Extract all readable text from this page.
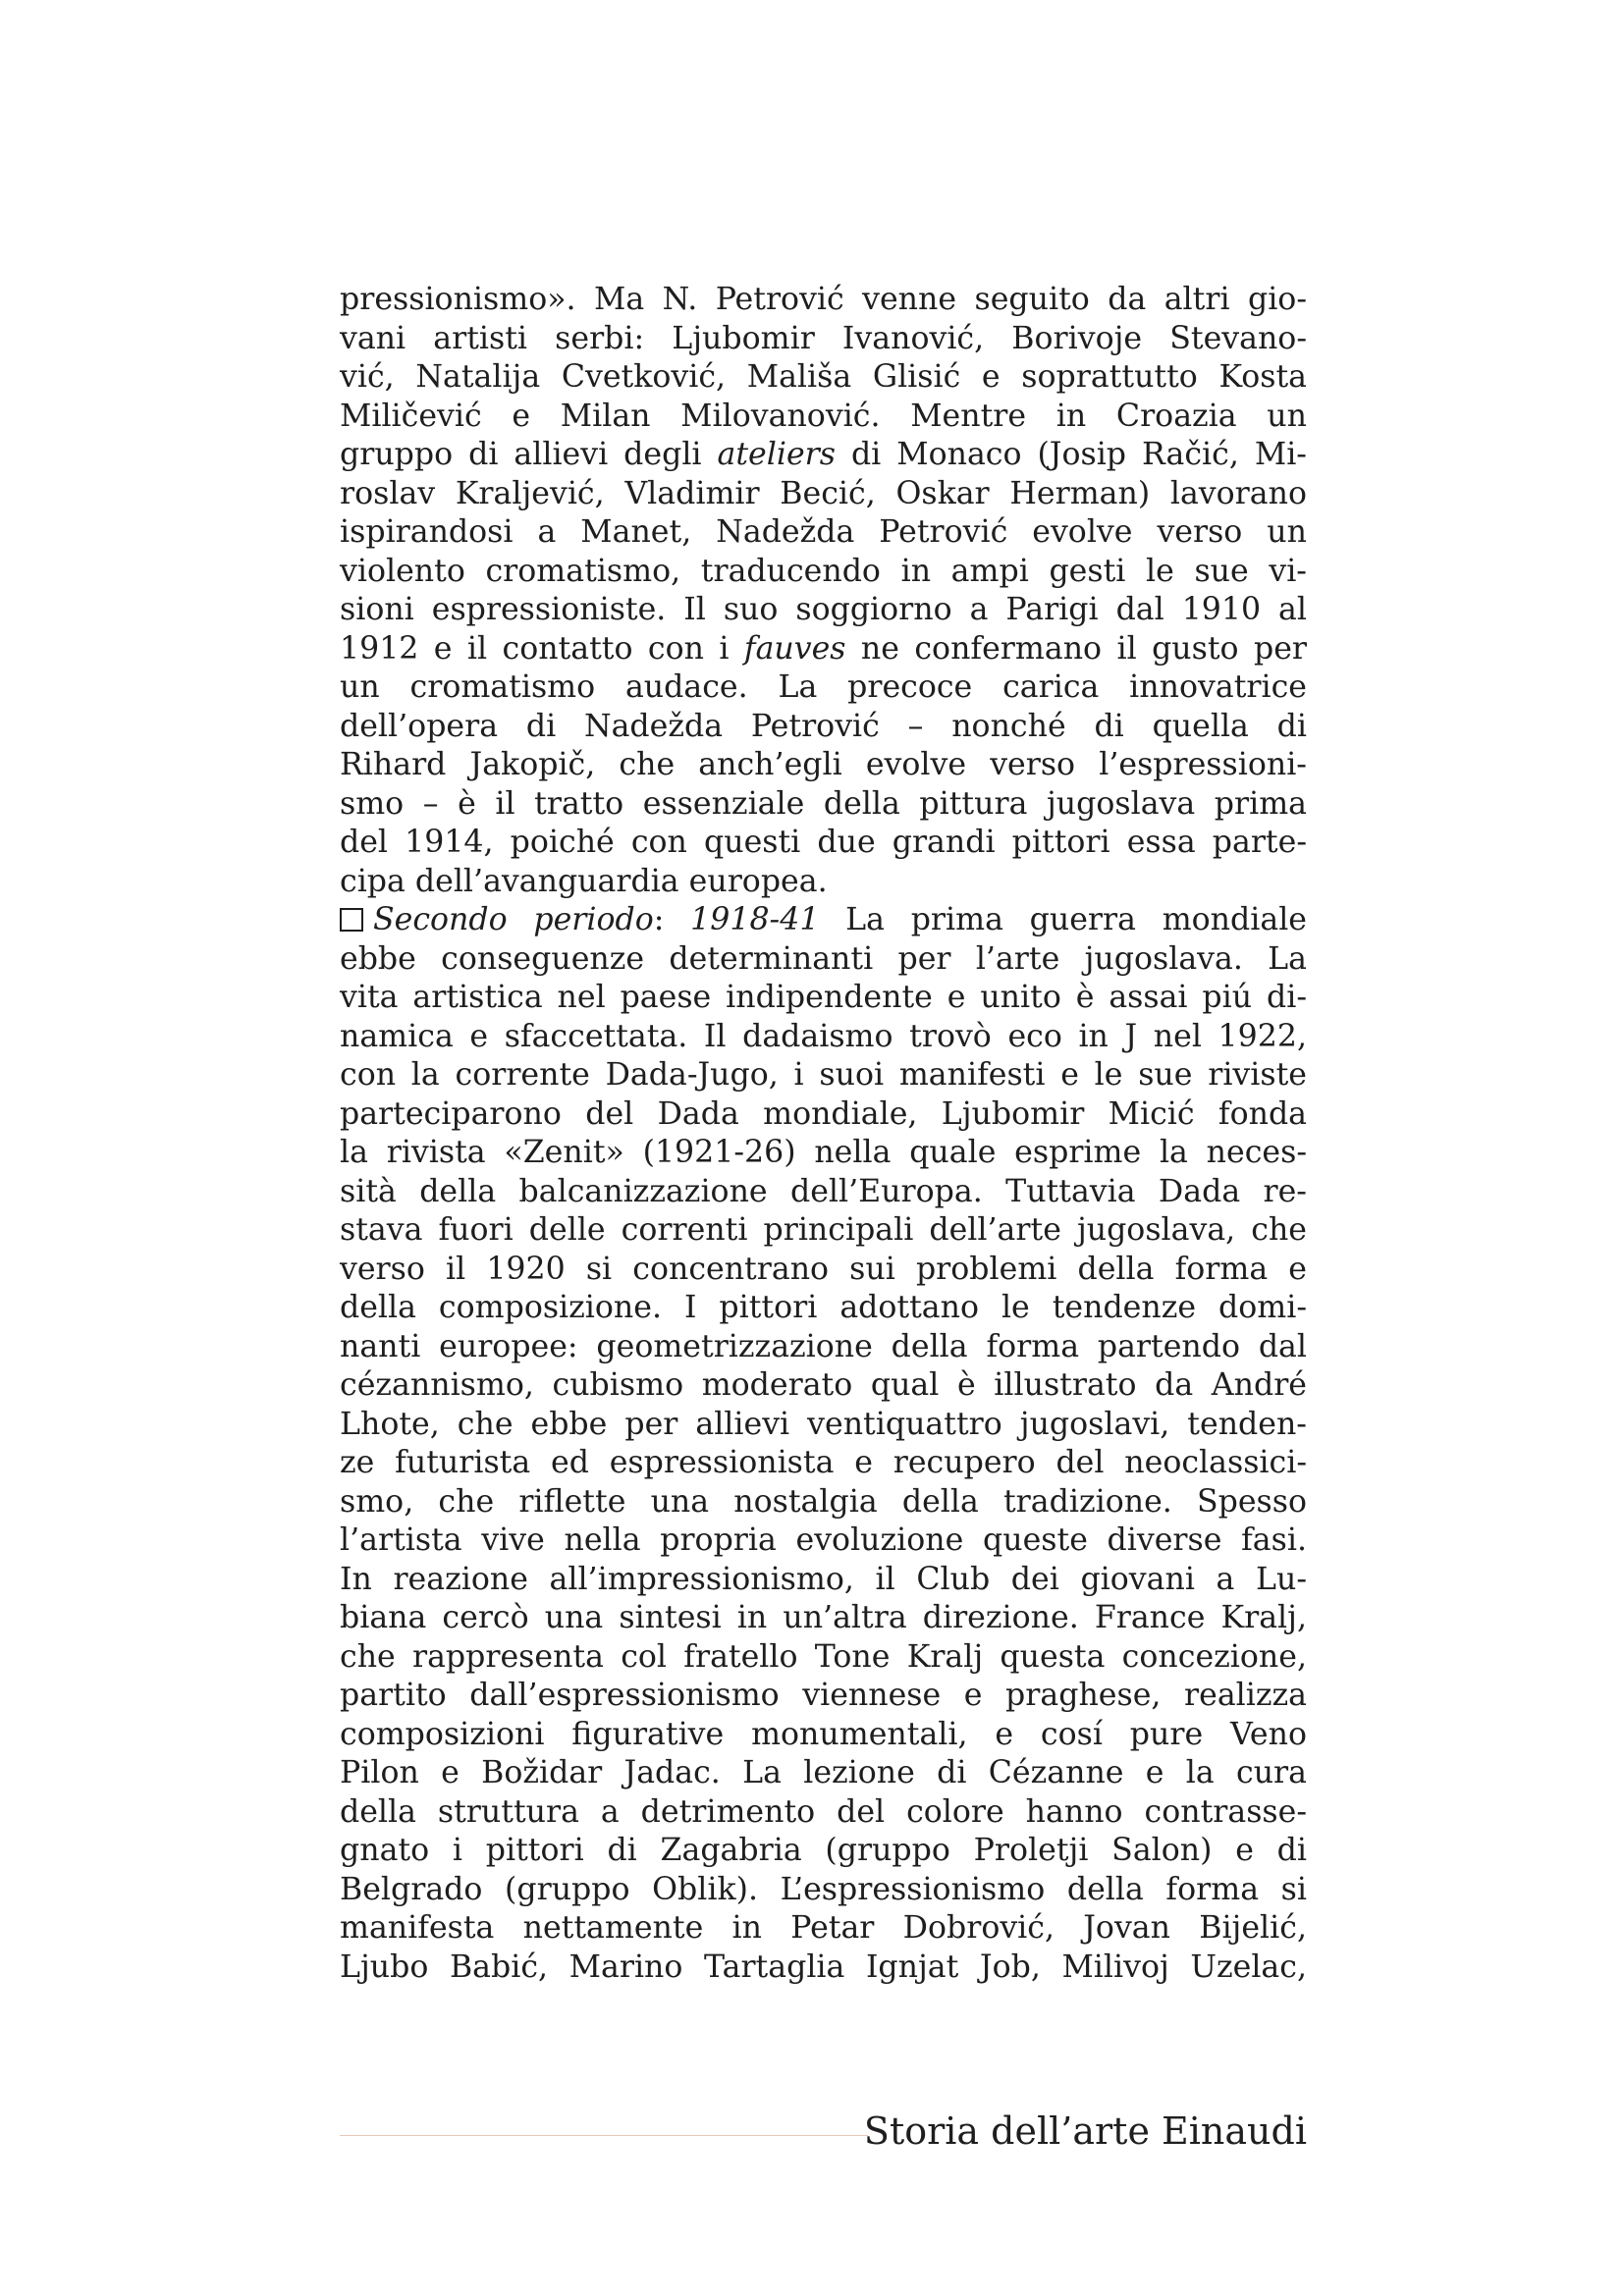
pressionismo». Ma N. Petrović venne seguito da altri gio-
vani artisti serbi: Ljubomir Ivanović, Borivoje Stevano-
vić, Natalija Cvetković, Mališa Glisić e soprattutto Kosta
Miličević e Milan Milovanović. Mentre in Croazia un
gruppo di allievi degli ateliers di Monaco (Josip Račić, Mi-
roslav Kraljević, Vladimir Becić, Oskar Herman) lavorano
ispirandosi a Manet, Nadežda Petrović evolve verso un
violento cromatismo, traducendo in ampi gesti le sue vi-
sioni espressioniste. Il suo soggiorno a Parigi dal 1910 al
1912 e il contatto con i fauves ne confermano il gusto per
un cromatismo audace. La precoce carica innovatrice
dell’opera di Nadežda Petrović – nonché di quella di
Rihard Jakopič, che anch’egli evolve verso l’espressioni-
smo – è il tratto essenziale della pittura jugoslava prima
del 1914, poiché con questi due grandi pittori essa parte-
cipa dell’avanguardia europea.
Secondo periodo: 1918-41 La prima guerra mondiale
ebbe conseguenze determinanti per l’arte jugoslava. La
vita artistica nel paese indipendente e unito è assai piú di-
namica e sfaccettata. Il dadaismo trovò eco in J nel 1922,
con la corrente Dada-Jugo, i suoi manifesti e le sue riviste
parteciparono del Dada mondiale, Ljubomir Micić fonda
la rivista «Zenit» (1921-26) nella quale esprime la neces-
sità della balcanizzazione dell’Europa. Tuttavia Dada re-
stava fuori delle correnti principali dell’arte jugoslava, che
verso il 1920 si concentrano sui problemi della forma e
della composizione. I pittori adottano le tendenze domi-
nanti europee: geometrizzazione della forma partendo dal
cézannismo, cubismo moderato qual è illustrato da André
Lhote, che ebbe per allievi ventiquattro jugoslavi, tenden-
ze futurista ed espressionista e recupero del neoclassici-
smo, che riflette una nostalgia della tradizione. Spesso
l’artista vive nella propria evoluzione queste diverse fasi.
In reazione all’impressionismo, il Club dei giovani a Lu-
biana cercò una sintesi in un’altra direzione. France Kralj,
che rappresenta col fratello Tone Kralj questa concezione,
partito dall’espressionismo viennese e praghese, realizza
composizioni figurative monumentali, e cosí pure Veno
Pilon e Božidar Jadac. La lezione di Cézanne e la cura
della struttura a detrimento del colore hanno contrasse-
gnato i pittori di Zagabria (gruppo Proletji Salon) e di
Belgrado (gruppo Oblik). L’espressionismo della forma si
manifesta nettamente in Petar Dobrović, Jovan Bijelić,
Ljubo Babić, Marino Tartaglia Ignjat Job, Milivoj Uzelac,
Storia dell’arte Einaudi
